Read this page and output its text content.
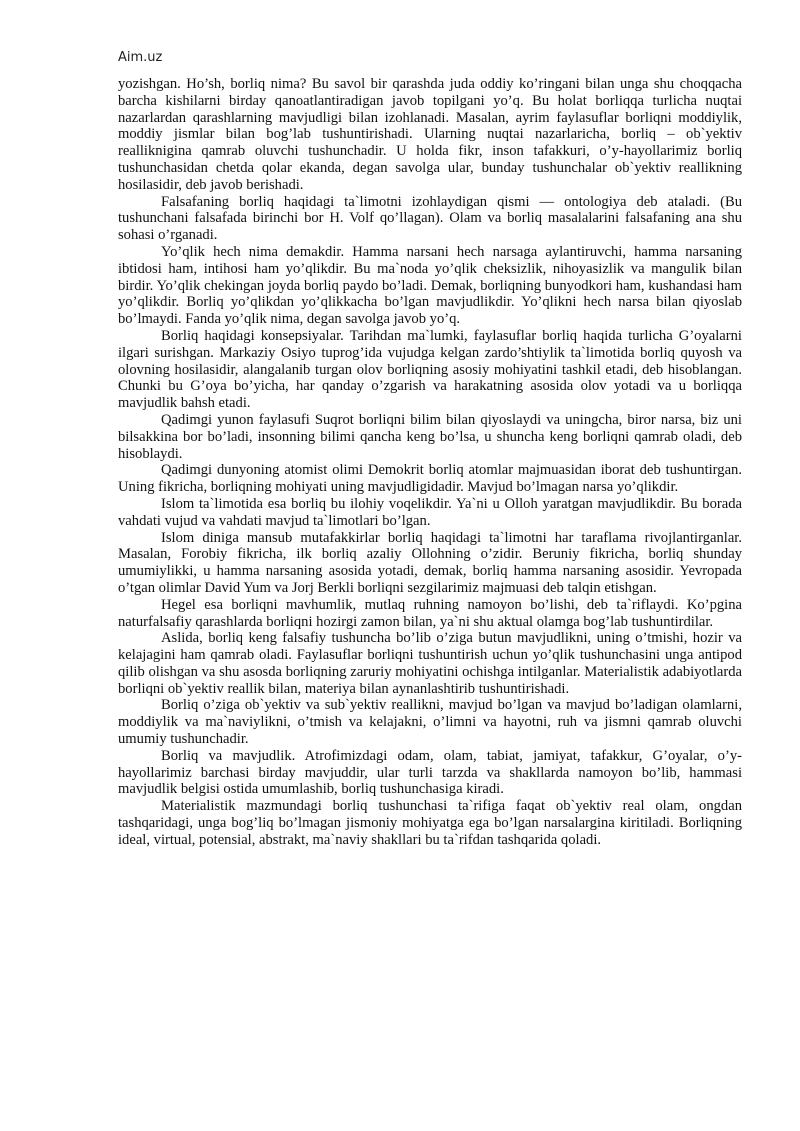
Aim.uz

yozishgan. Ho’sh, borliq nima? Bu savol bir qarashda juda oddiy ko’ringani bilan unga shu choqqacha barcha kishilarni birday qanoatlantiradigan javob topilgani yo’q. Bu holat borliqqa turlicha nuqtai nazarlardan qarashlarning mavjudligi bilan izohlanadi. Masalan, ayrim faylasuflar borliqni moddiylik, moddiy jismlar bilan bog’lab tushuntirishadi. Ularning nuqtai nazarlaricha, borliq – ob`yektiv reallikniginа qamrab oluvchi tushunchadir. U holda fikr, inson tafakkuri, o’y-hayollarimiz borliq tushunchasidan chetda qolar ekanda, degan savolga ular, bunday tushunchalar ob`yektiv reallikning hosilasidir, deb javob berishadi.

Falsafaning borliq haqidagi ta`limotni izohlaydigan qismi — ontologiya deb ataladi. (Bu tushunchani falsafada birinchi bor H. Volf qo’llagan). Olam va borliq masalalarini falsafaning ana shu sohasi o’rganadi.

Yo’qlik hech nima demakdir. Hamma narsani hech narsaga aylantiruvchi, hamma narsaning ibtidosi ham, intihosi ham yo’qlikdir. Bu ma`noda yo’qlik cheksizlik, nihoyasizlik va mangulik bilan birdir. Yo’qlik chekingan joyda borliq paydo bo’ladi. Demak, borliqning bunyodkori ham, kushandasi ham yo’qlikdir. Borliq yo’qlikdan yo’qlikkacha bo’lgan mavjudlikdir. Yo’qlikni hech narsa bilan qiyoslab bo’lmaydi. Fanda yo’qlik nima, degan savolga javob yo’q.

Borliq haqidagi konsepsiyalar. Tarihdan ma`lumki, faylasuflar borliq haqida turlicha G’oyalarni ilgari surishgan. Markaziy Osiyo tuprog’ida vujudga kelgan zardo’shtiylik ta`limotida borliq quyosh va olovning hosilasidir, alangalanib turgan olov borliqning asosiy mohiyatini tashkil etadi, deb hisoblangan. Chunki bu G’oya bo’yicha, har qanday o’zgarish va harakatning asosida olov yotadi va u borliqqa mavjudlik bahsh etadi.

Qadimgi yunon faylasufi Suqrot borliqni bilim bilan qiyoslaydi va uningcha, biror narsa, biz uni bilsakkina bor bo’ladi, insonning bilimi qancha keng bo’lsa, u shuncha keng borliqni qamrab oladi, deb hisoblaydi.

Qadimgi dunyoning atomist olimi Demokrit borliq atomlar majmuasidan iborat deb tushuntirgan. Uning fikricha, borliqning mohiyati uning mavjudligidadir. Mavjud bo’lmagan narsa yo’qlikdir.

Islom ta`limotida esa borliq bu ilohiy voqelikdir. Ya`ni u Olloh yaratgan mavjudlikdir. Bu borada vahdati vujud va vahdati mavjud ta`limotlari bo’lgan.

Islom diniga mansub mutafakkirlar borliq haqidagi ta`limotni har taraflama rivojlantirganlar. Masalan, Forobiy fikricha, ilk borliq azaliy Ollohning o’zidir. Beruniy fikricha, borliq shunday umumiylikki, u hamma narsaning asosida yotadi, demak, borliq hamma narsaning asosidir. Yevropada o’tgan olimlar David Yum va Jorj Berkli borliqni sezgilarimiz majmuasi deb talqin etishgan.

Hegel esa borliqni mavhumlik, mutlaq ruhning namoyon bo’lishi, deb ta`riflaydi. Ko’pgina naturfalsafiy qarashlarda borliqni hozirgi zamon bilan, ya`ni shu aktual olamga bog’lab tushuntirdilar.

Aslida, borliq keng falsafiy tushuncha bo’lib o’ziga butun mavjudlikni, uning o’tmishi, hozir va kelajagini ham qamrab oladi. Faylasuflar borliqni tushuntirish uchun yo’qlik tushunchasini unga antipod qilib olishgan va shu asosda borliqning zaruriy mohiyatini ochishga intilganlar. Materialistik adabiyotlarda borliqni ob`yektiv reallik bilan, materiya bilan aynanlashtirib tushuntirishadi.

Borliq o’ziga ob`yektiv va sub`yektiv reallikni, mavjud bo’lgan va mavjud bo’ladigan olamlarni, moddiylik va ma`naviylikni, o’tmish va kelajakni, o’limni va hayotni, ruh va jismni qamrab oluvchi umumiy tushunchadir.

Borliq va mavjudlik. Atrofimizdagi odam, olam, tabiat, jamiyat, tafakkur, G’oyalar, o’y-hayollarimiz barchasi birday mavjuddir, ular turli tarzda va shakllarda namoyon bo’lib, hammasi mavjudlik belgisi ostida umumlashib, borliq tushunchasiga kiradi.

Materialistik mazmundagi borliq tushunchasi ta`rifiga faqat ob`yektiv real olam, ongdan tashqaridagi, unga bog’liq bo’lmagan jismoniy mohiyatga ega bo’lgan narsalargina kiritiladi. Borliqning ideal, virtual, potensial, abstrakt, ma`naviy shakllari bu ta`rifdan tashqarida qoladi.
